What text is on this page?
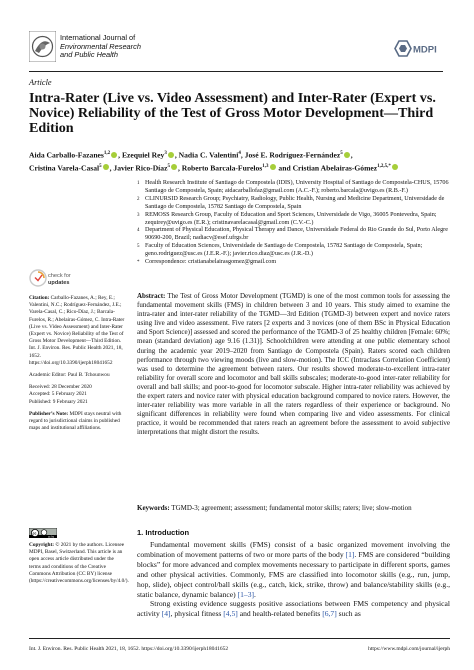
International Journal of
Environmental Research
and Public Health	MDPI
Article
Intra-Rater (Live vs. Video Assessment) and Inter-Rater (Expert vs. Novice) Reliability of the Test of Gross Motor Development—Third Edition
Aida Carballo-Fazanes$^{1,2}$ , Ezequiel Rey$^3$ , Nadia C. Valentini$^4$, José E. Rodríguez-Fernández$^5$ ,
Cristina Varela-Casal$^5$ , Javier Rico-Díaz$^5$ , Roberto Barcala-Furelos$^{1,3}$ and Cristian Abelairas-Gómez$^{1,2,5,*}$
1 Health Research Institute of Santiago de Compostela (IDIS), University Hospital of Santiago de Compostela-CHUS, 15706 Santiago de Compostela, Spain; aidacarballofaz@gmail.com (A.C.-F.); roberto.barcala@uvigo.es (R.B.-F.)
2 CLINURSID Research Group; Psychiatry, Radiology, Public Health, Nursing and Medicine Department, Universidade de Santiago de Compostela, 15782 Santiago de Compostela, Spain
3 REMOSS Research Group, Faculty of Education and Sport Sciences, Universidade de Vigo, 36005 Pontevedra, Spain; zequirey@uvigo.es (E.R.); cristinavarelacasal@gmail.com (C.V.-C.)
4 Department of Physical Education, Physical Therapy and Dance, Universidade Federal do Rio Grande do Sul, Porto Alegre 90690-200, Brazil; nadiacv@esef.ufrgs.br
5 Faculty of Education Sciences, Universidade de Santiago de Compostela, 15782 Santiago de Compostela, Spain; geno.rodriguez@usc.es (J.E.R.-F.); javier.rico.diaz@usc.es (J.R.-D.)
* Correspondence: cristianabelairasgomez@gmail.com
check for
updates

Citation: Carballo-Fazanes, A.; Rey, E.; Valentini, N.C.; Rodríguez-Fernández, J.E.; Varela-Casal, C.; Rico-Díaz, J.; Barcala-Furelos, R.; Abelairas-Gómez, C. Intra-Rater (Live vs. Video Assessment) and Inter-Rater (Expert vs. Novice) Reliability of the Test of Gross Motor Development—Third Edition. Int. J. Environ. Res. Public Health 2021, 18, 1652. https://doi.org/10.3390/ijerph18041652

Academic Editor: Paul B. Tchounwou

Received: 28 December 2020
Accepted: 5 February 2021
Published: 9 February 2021

Publisher’s Note: MDPI stays neutral with regard to jurisdictional claims in published maps and institutional affiliations.

cc
cc by
Copyright: © 2021 by the authors. Licensee MDPI, Basel, Switzerland. This article is an open access article distributed under the terms and conditions of the Creative Commons Attribution (CC BY) license (https://creativecommons.org/licenses/by/4.0/).
Abstract: The Test of Gross Motor Development (TGMD) is one of the most common tools for assessing the fundamental movement skills (FMS) in children between 3 and 10 years. This study aimed to examine the intra-rater and inter-rater reliability of the TGMD—3rd Edition (TGMD-3) between expert and novice raters using live and video assessment. Five raters [2 experts and 3 novices (one of them BSc in Physical Education and Sport Science)] assessed and scored the performance of the TGMD-3 of 25 healthy children [Female: 60%; mean (standard deviation) age 9.16 (1.31)]. Schoolchildren were attending at one public elementary school during the academic year 2019–2020 from Santiago de Compostela (Spain). Raters scored each children performance through two viewing moods (live and slow-motion). The ICC (Intraclass Correlation Coefficient) was used to determine the agreement between raters. Our results showed moderate-to-excellent intra-rater reliability for overall score and locomotor and ball skills subscales; moderate-to-good inter-rater reliability for overall and ball skills; and poor-to-good for locomotor subscale. Higher intra-rater reliability was achieved by the expert raters and novice rater with physical education background compared to novice raters. However, the inter-rater reliability was more variable in all the raters regardless of their experience or background. No significant differences in reliability were found when comparing live and video assessments. For clinical practice, it would be recommended that raters reach an agreement before the assessment to avoid subjective interpretations that might distort the results.
Keywords: TGMD-3; agreement; assessment; fundamental motor skills; raters; live; slow-motion
1. Introduction

Fundamental movement skills (FMS) consist of a basic organized movement involving the combination of movement patterns of two or more parts of the body [1]. FMS are considered “building blocks” for more advanced and complex movements necessary to participate in different sports, games and other physical activities. Commonly, FMS are classified into locomotor skills (e.g., run, jump, hop, slide), object control/ball skills (e.g., catch, kick, strike, throw) and balance/stability skills (e.g., static balance, dynamic balance) [1–3].

Strong existing evidence suggests positive associations between FMS competency and physical activity [4], physical fitness [4,5] and health-related benefits [6,7] such as

Int. J. Environ. Res. Public Health 2021, 18, 1652. https://doi.org/10.3390/ijerph18041652	https://www.mdpi.com/journal/ijerph
